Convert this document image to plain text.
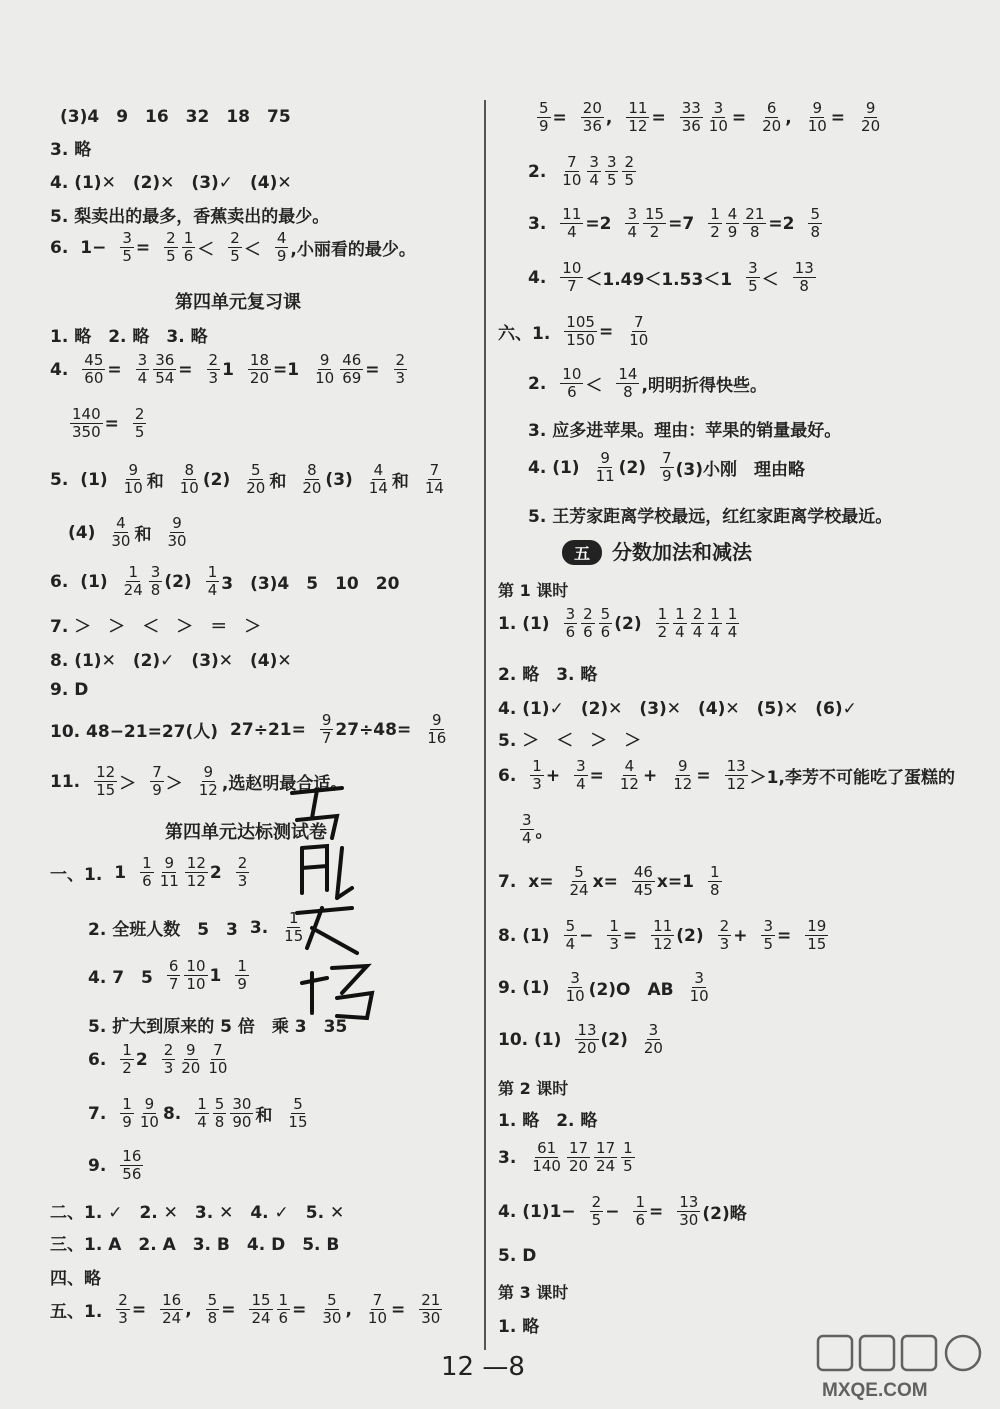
(3)4　9　16　32　18　75
3. 略
4. (1)✕　(2)✕　(3)✓　(4)✕
5. 梨卖出的最多，香蕉卖出的最少。
6. $1- \frac{3}{5} = \frac{2}{5} \frac{1}{6} < \frac{2}{5} < \frac{4}{9}$ ,小丽看的最少。
第四单元复习课
1. 略　2. 略　3. 略
4. $\frac{45}{60} = \frac{3}{4} \frac{36}{54} = \frac{2}{3} 1 \frac{18}{20} =1 \frac{9}{10} \frac{46}{69} = \frac{2}{3}$
$\frac{140}{350} = \frac{2}{5}$
5. $(1) \frac{9}{10}$ 和 $\frac{8}{10} (2) \frac{5}{20}$ 和 $\frac{8}{20} (3) \frac{4}{14}$ 和 $\frac{7}{14}$
$(4) \frac{4}{30}$ 和 $\frac{9}{30}$
6. $(1) \frac{1}{24} \frac{3}{8} (2) \frac{1}{4} 3$　(3)4　5　10　20
7. ＞　＞　＜　＞　＝　＞
8. (1)✕　(2)✓　(3)✕　(4)✕
9. D
10. 48−21=27(人) $27\div 21= \frac{9}{7} 27\div 48= \frac{9}{16}$
11. $\frac{12}{15} > \frac{7}{9} > \frac{9}{12}$ ,选赵明最合适。
第四单元达标测试卷
一、1. $1 \frac{1}{6} \frac{9}{11} \frac{12}{12} 2 \frac{2}{3}$
2. 全班人数　5　3 3. $\frac{1}{15}$
4. 7　$5 \frac{6}{7} \frac{10}{10} 1 \frac{1}{9}$
5. 扩大到原来的 5 倍　乘 3　35
6. $\frac{1}{2} 2 \frac{2}{3} \frac{9}{20} \frac{7}{10}$
7. $\frac{1}{9} \frac{9}{10} 8$. $\frac{1}{4} \frac{5}{8} \frac{30}{90}$ 和 $\frac{5}{15}$
9. $\frac{16}{56}$
二、1. ✓　2. ✕　3. ✕　4. ✓　5. ✕
三、1. A　2. A　3. B　4. D　5. B
四、略
五、1. $\frac{2}{3} = \frac{16}{24}$ , $\frac{5}{8} = \frac{15}{24} \frac{1}{6} = \frac{5}{30}$ , $\frac{7}{10} = \frac{21}{30}$
$\frac{5}{9} = \frac{20}{36}$ , $\frac{11}{12} = \frac{33}{36} \frac{3}{10} = \frac{6}{20}$ , $\frac{9}{10} = \frac{9}{20}$
2. $\frac{7}{10} \frac{3}{4} \frac{3}{5} \frac{2}{5}$
3. $\frac{11}{4} =2 \frac{3}{4} \frac{15}{2} =7 \frac{1}{2} \frac{4}{9} \frac{21}{8} =2 \frac{5}{8}$
4. $\frac{10}{7} <1.49<1.53<1 \frac{3}{5} < \frac{13}{8}$
六、1. $\frac{105}{150} = \frac{7}{10}$
2. $\frac{10}{6} < \frac{14}{8}$ ,明明折得快些。
3. 应多进苹果。理由：苹果的销量最好。
4. $(1) \frac{9}{11} (2) \frac{7}{9} (3)$小刚　理由略
5. 王芳家距离学校最远，红红家距离学校最近。
五 分数加法和减法
第 1 课时
1. $(1) \frac{3}{6} \frac{2}{6} \frac{5}{6} (2) \frac{1}{2} \frac{1}{4} \frac{2}{4} \frac{1}{4} \frac{1}{4}$
2. 略　3. 略
4. (1)✓　(2)✕　(3)✕　(4)✕　(5)✕　(6)✓
5. ＞　＜　＞　＞
6. $\frac{1}{3} + \frac{3}{4} = \frac{4}{12} + \frac{9}{12} = \frac{13}{12} >1$,李芳不可能吃了蛋糕的
$\frac{3}{4}$ 。
7. $x= \frac{5}{24} x= \frac{46}{45} x=1 \frac{1}{8}$
8. $(1) \frac{5}{4} - \frac{1}{3} = \frac{11}{12} (2) \frac{2}{3} + \frac{3}{5} = \frac{19}{15}$
9. $(1) \frac{3}{10} (2)O$　AB $\frac{3}{10}$
10. $(1) \frac{13}{20} (2) \frac{3}{20}$
第 2 课时
1. 略　2. 略
3. $\frac{61}{140} \frac{17}{20} \frac{17}{24} \frac{1}{5}$
4. $(1)1- \frac{2}{5} - \frac{1}{6} = \frac{13}{30} (2)$略
5. D
第 3 课时
1. 略
12 —8
MXQE.COM
